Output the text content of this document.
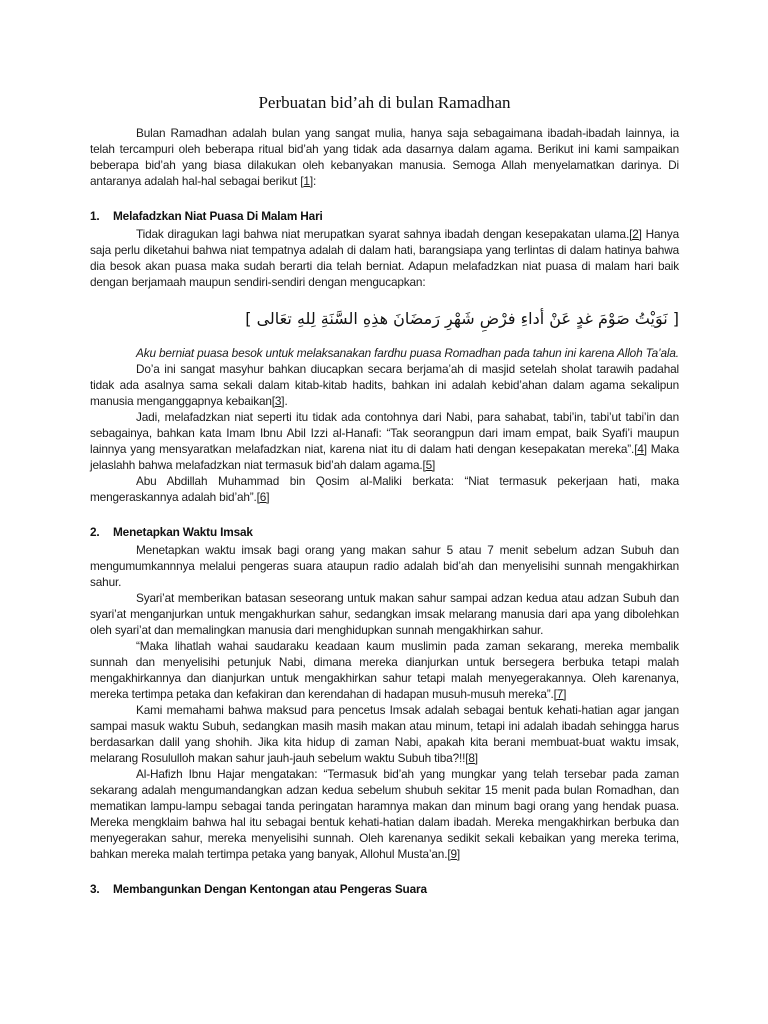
Perbuatan bid’ah di bulan Ramadhan

Bulan Ramadhan adalah bulan yang sangat mulia, hanya saja sebagaimana ibadah-ibadah lainnya, ia telah tercampuri oleh beberapa ritual bid’ah yang tidak ada dasarnya dalam agama. Berikut ini kami sampaikan beberapa bid’ah yang biasa dilakukan oleh kebanyakan manusia. Semoga Allah menyelamatkan darinya. Di antaranya adalah hal-hal sebagai berikut [1]:

1.	Melafadzkan Niat Puasa Di Malam Hari

Tidak diragukan lagi bahwa niat merupatkan syarat sahnya ibadah dengan kesepakatan ulama.[2] Hanya saja perlu diketahui bahwa niat tempatnya adalah di dalam hati, barangsiapa yang terlintas di dalam hatinya bahwa dia besok akan puasa maka sudah berarti dia telah berniat. Adapun melafadzkan niat puasa di malam hari baik dengan berjamaah maupun sendiri-sendiri dengan mengucapkan:

[ نَوَيْتُ صَوْمَ غدٍ عَنْ أداءِ فرْضِ شَهْرِ رَمضَانَ هذِهِ السَّنَةِ لِلهِ تعَالى ]

Aku berniat puasa besok untuk melaksanakan fardhu puasa Romadhan pada tahun ini karena Alloh Ta’ala.

Do’a ini sangat masyhur bahkan diucapkan secara berjama’ah di masjid setelah sholat tarawih padahal tidak ada asalnya sama sekali dalam kitab-kitab hadits, bahkan ini adalah kebid’ahan dalam agama sekalipun manusia menganggapnya kebaikan[3].

Jadi, melafadzkan niat seperti itu tidak ada contohnya dari Nabi, para sahabat, tabi’in, tabi’ut tabi’in dan sebagainya, bahkan kata Imam Ibnu Abil Izzi al-Hanafi: “Tak seorangpun dari imam empat, baik Syafi’i maupun lainnya yang mensyaratkan melafadzkan niat, karena niat itu di dalam hati dengan kesepakatan mereka”.[4] Maka jelaslahh bahwa melafadzkan niat termasuk bid’ah dalam agama.[5]

Abu Abdillah Muhammad bin Qosim al-Maliki berkata: “Niat termasuk pekerjaan hati, maka mengeraskannya adalah bid’ah”.[6]

2.	Menetapkan Waktu Imsak

Menetapkan waktu imsak bagi orang yang makan sahur 5 atau 7 menit sebelum adzan Subuh dan mengumumkannnya melalui pengeras suara ataupun radio adalah bid’ah dan menyelisihi sunnah mengakhirkan sahur.

Syari’at memberikan batasan seseorang untuk makan sahur sampai adzan kedua atau adzan Subuh dan syari’at menganjurkan untuk mengakhurkan sahur, sedangkan imsak melarang manusia dari apa yang dibolehkan oleh syari’at dan memalingkan manusia dari menghidupkan sunnah mengakhirkan sahur.

“Maka lihatlah wahai saudaraku keadaan kaum muslimin pada zaman sekarang, mereka membalik sunnah dan menyelisihi petunjuk Nabi, dimana mereka dianjurkan untuk bersegera berbuka tetapi malah mengakhirkannya dan dianjurkan untuk mengakhirkan sahur tetapi malah menyegerakannya. Oleh karenanya, mereka tertimpa petaka dan kefakiran dan kerendahan di hadapan musuh-musuh mereka”.[7]

Kami memahami bahwa maksud para pencetus Imsak adalah sebagai bentuk kehati-hatian agar jangan sampai masuk waktu Subuh, sedangkan masih masih makan atau minum, tetapi ini adalah ibadah sehingga harus berdasarkan dalil yang shohih. Jika kita hidup di zaman Nabi, apakah kita berani membuat-buat waktu imsak, melarang Rosululloh makan sahur jauh-jauh sebelum waktu Subuh tiba?!![8]

Al-Hafizh Ibnu Hajar mengatakan: “Termasuk bid’ah yang mungkar yang telah tersebar pada zaman sekarang adalah mengumandangkan adzan kedua sebelum shubuh sekitar 15 menit pada bulan Romadhan, dan mematikan lampu-lampu sebagai tanda peringatan haramnya makan dan minum bagi orang yang hendak puasa. Mereka mengklaim bahwa hal itu sebagai bentuk kehati-hatian dalam ibadah. Mereka mengakhirkan berbuka dan menyegerakan sahur, mereka menyelisihi sunnah. Oleh karenanya sedikit sekali kebaikan yang mereka terima, bahkan mereka malah tertimpa petaka yang banyak, Allohul Musta’an.[9]

3.	Membangunkan Dengan Kentongan atau Pengeras Suara
